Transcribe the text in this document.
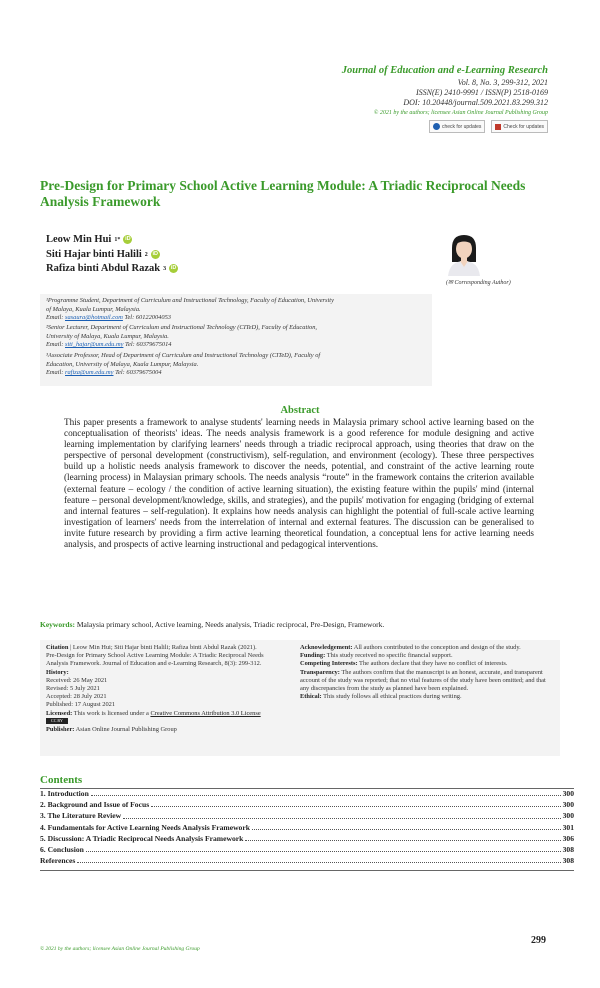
Journal of Education and e-Learning Research
Vol. 8, No. 3, 299-312, 2021
ISSN(E) 2410-9991 / ISSN(P) 2518-0169
DOI: 10.20448/journal.509.2021.83.299.312
© 2021 by the authors; licensee Asian Online Journal Publishing Group
check for updates	Check for updates
Pre-Design for Primary School Active Learning Module: A Triadic Reciprocal Needs Analysis Framework
Leow Min Hui 1* iD
Siti Hajar binti Halili 2 iD
Rafiza binti Abdul Razak 3 iD
(✉ Corresponding Author)
¹Programme Student, Department of Curriculum and Instructional Technology, Faculty of Education, University
of Malaya, Kuala Lumpur, Malaysia.
Email: sasaura@hotmail.com Tel: 60122004053
²Senior Lecturer, Department of Curriculum and Instructional Technology (CITeD), Faculty of Education,
University of Malaya, Kuala Lumpur, Malaysia.
Email: siti_hajar@um.edu.my Tel: 60379675014
³Associate Professor, Head of Department of Curriculum and Instructional Technology (CITeD), Faculty of
Education, University of Malaya, Kuala Lumpur, Malaysia.
Email: rafiza@um.edu.my Tel: 60379675004
Abstract
This paper presents a framework to analyse students' learning needs in Malaysia primary school active learning based on the conceptualisation of theorists' ideas. The needs analysis framework is a good reference for module designing and active learning implementation by clarifying learners' needs through a triadic reciprocal approach, using theories that draw on the perspective of personal development (constructivism), self-regulation, and environment (ecology). These three perspectives build up a holistic needs analysis framework to discover the needs, potential, and constraint of the active learning route (learning process) in Malaysian primary schools. The needs analysis “route” in the framework contains the criterion available (external feature – ecology / the condition of active learning situation), the existing feature within the pupils' mind (internal feature – personal development/knowledge, skills, and strategies), and the pupils' motivation for engaging (bridging of external and internal features – self-regulation). It explains how needs analysis can highlight the potential of full-scale active learning investigation of learners' needs from the interrelation of internal and external features. The discussion can be generalised to invite future research by providing a firm active learning theoretical foundation, a conceptual lens for active learning needs analysis, and prospects of active learning instructional and pedagogical interventions.
Keywords: Malaysia primary school, Active learning, Needs analysis, Triadic reciprocal, Pre-Design, Framework.
Citation | Leow Min Hui; Siti Hajar binti Halili; Rafiza binti Abdul Razak (2021). Pre-Design for Primary School Active Learning Module: A Triadic Reciprocal Needs Analysis Framework. Journal of Education and e-Learning Research, 8(3): 299-312.
History:
Received: 26 May 2021
Revised: 5 July 2021
Accepted: 28 July 2021
Published: 17 August 2021
Licensed: This work is licensed under a Creative Commons Attribution 3.0 License CC BY
Publisher: Asian Online Journal Publishing Group
Acknowledgement: All authors contributed to the conception and design of the study.
Funding: This study received no specific financial support.
Competing Interests: The authors declare that they have no conflict of interests.
Transparency: The authors confirm that the manuscript is an honest, accurate, and transparent account of the study was reported; that no vital features of the study have been omitted; and that any discrepancies from the study as planned have been explained.
Ethical: This study follows all ethical practices during writing.
Contents
1. Introduction	300
2. Background and Issue of Focus	300
3. The Literature Review	300
4. Fundamentals for Active Learning Needs Analysis Framework	301
5. Discussion: A Triadic Reciprocal Needs Analysis Framework	306
6. Conclusion	308
References	308
299
© 2021 by the authors; licensee Asian Online Journal Publishing Group
